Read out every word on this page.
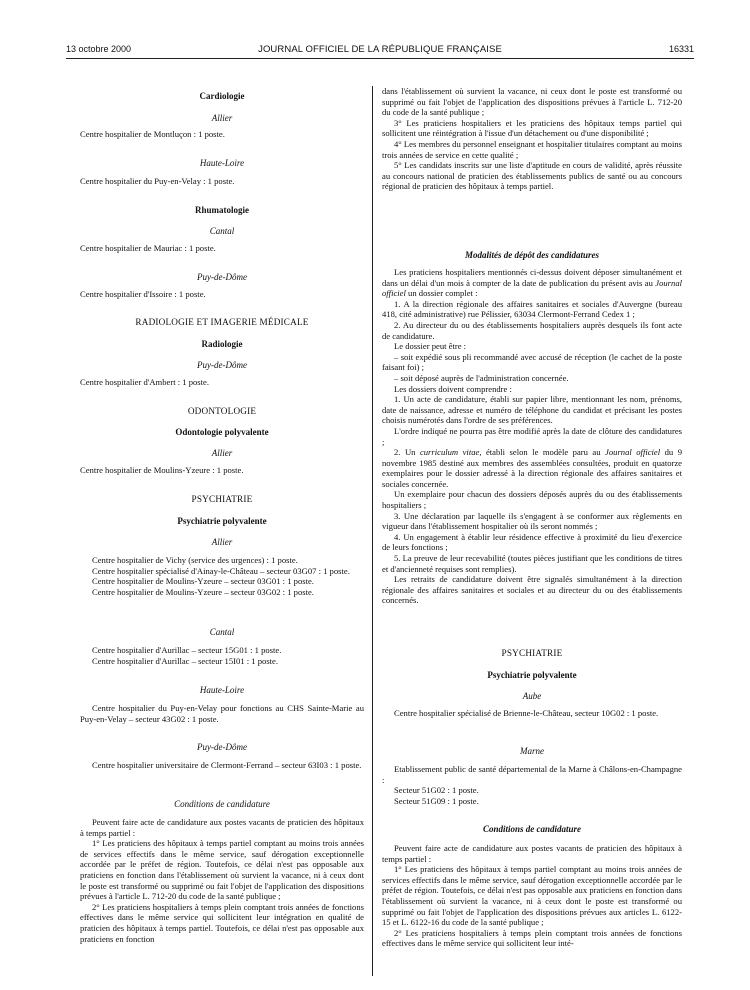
13 octobre 2000	JOURNAL OFFICIEL DE LA RÉPUBLIQUE FRANÇAISE	16331
Cardiologie
Allier
Centre hospitalier de Montluçon : 1 poste.
Haute-Loire
Centre hospitalier du Puy-en-Velay : 1 poste.
Rhumatologie
Cantal
Centre hospitalier de Mauriac : 1 poste.
Puy-de-Dôme
Centre hospitalier d'Issoire : 1 poste.
RADIOLOGIE ET IMAGERIE MÉDICALE
Radiologie
Puy-de-Dôme
Centre hospitalier d'Ambert : 1 poste.
ODONTOLOGIE
Odontologie polyvalente
Allier
Centre hospitalier de Moulins-Yzeure : 1 poste.
PSYCHIATRIE
Psychiatrie polyvalente
Allier

Centre hospitalier de Vichy (service des urgences) : 1 poste.

Centre hospitalier spécialisé d'Ainay-le-Château – secteur 03G07 : 1 poste.

Centre hospitalier de Moulins-Yzeure – secteur 03G01 : 1 poste.

Centre hospitalier de Moulins-Yzeure – secteur 03G02 : 1 poste.

Cantal

Centre hospitalier d'Aurillac – secteur 15G01 : 1 poste.

Centre hospitalier d'Aurillac – secteur 15I01 : 1 poste.

Haute-Loire

Centre hospitalier du Puy-en-Velay pour fonctions au CHS Sainte-Marie au Puy-en-Velay – secteur 43G02 : 1 poste.

Puy-de-Dôme

Centre hospitalier universitaire de Clermont-Ferrand – secteur 63I03 : 1 poste.

Conditions de candidature

Peuvent faire acte de candidature aux postes vacants de praticien des hôpitaux à temps partiel :

1° Les praticiens des hôpitaux à temps partiel comptant au moins trois années de services effectifs dans le même service, sauf dérogation exceptionnelle accordée par le préfet de région. Toutefois, ce délai n'est pas opposable aux praticiens en fonction dans l'établissement où survient la vacance, ni à ceux dont le poste est transformé ou supprimé ou fait l'objet de l'application des dispositions prévues à l'article L. 712-20 du code de la santé publique ;

2° Les praticiens hospitaliers à temps plein comptant trois années de fonctions effectives dans le même service qui sollicitent leur intégration en qualité de praticien des hôpitaux à temps partiel. Toutefois, ce délai n'est pas opposable aux praticiens en fonction

dans l'établissement où survient la vacance, ni ceux dont le poste est transformé ou supprimé ou fait l'objet de l'application des dispositions prévues à l'article L. 712-20 du code de la santé publique ;

3° Les praticiens hospitaliers et les praticiens des hôpitaux temps partiel qui sollicitent une réintégration à l'issue d'un détachement ou d'une disponibilité ;

4° Les membres du personnel enseignant et hospitalier titulaires comptant au moins trois années de service en cette qualité ;

5° Les candidats inscrits sur une liste d'aptitude en cours de validité, après réussite au concours national de praticien des établissements publics de santé ou au concours régional de praticien des hôpitaux à temps partiel.

Modalités de dépôt des candidatures

Les praticiens hospitaliers mentionnés ci-dessus doivent déposer simultanément et dans un délai d'un mois à compter de la date de publication du présent avis au Journal officiel un dossier complet :

1. A la direction régionale des affaires sanitaires et sociales d'Auvergne (bureau 418, cité administrative) rue Pélissier, 63034 Clermont-Ferrand Cedex 1 ;

2. Au directeur du ou des établissements hospitaliers auprès desquels ils font acte de candidature.

Le dossier peut être :

– soit expédié sous pli recommandé avec accusé de réception (le cachet de la poste faisant foi) ;

– soit déposé auprès de l'administration concernée.

Les dossiers doivent comprendre :

1. Un acte de candidature, établi sur papier libre, mentionnant les nom, prénoms, date de naissance, adresse et numéro de téléphone du candidat et précisant les postes choisis numérotés dans l'ordre de ses préférences.

L'ordre indiqué ne pourra pas être modifié après la date de clôture des candidatures ;

2. Un curriculum vitae, établi selon le modèle paru au Journal officiel du 9 novembre 1985 destiné aux membres des assemblées consultées, produit en quatorze exemplaires pour le dossier adressé à la direction régionale des affaires sanitaires et sociales concernée.

Un exemplaire pour chacun des dossiers déposés auprès du ou des établissements hospitaliers ;

3. Une déclaration par laquelle ils s'engagent à se conformer aux règlements en vigueur dans l'établissement hospitalier où ils seront nommés ;

4. Un engagement à établir leur résidence effective à proximité du lieu d'exercice de leurs fonctions ;

5. La preuve de leur recevabilité (toutes pièces justifiant que les conditions de titres et d'ancienneté requises sont remplies).

Les retraits de candidature doivent être signalés simultanément à la direction régionale des affaires sanitaires et sociales et au directeur du ou des établissements concernés.

PSYCHIATRIE
Psychiatrie polyvalente
Aube

Centre hospitalier spécialisé de Brienne-le-Château, secteur 10G02 : 1 poste.

Marne

Etablissement public de santé départemental de la Marne à Châlons-en-Champagne :

Secteur 51G02 : 1 poste.

Secteur 51G09 : 1 poste.

Conditions de candidature

Peuvent faire acte de candidature aux postes vacants de praticien des hôpitaux à temps partiel :

1° Les praticiens des hôpitaux à temps partiel comptant au moins trois années de services effectifs dans le même service, sauf dérogation exceptionnelle accordée par le préfet de région. Toutefois, ce délai n'est pas opposable aux praticiens en fonction dans l'établissement où survient la vacance, ni à ceux dont le poste est transformé ou supprimé ou fait l'objet de l'application des dispositions prévues aux articles L. 6122-15 et L. 6122-16 du code de la santé publique ;

2° Les praticiens hospitaliers à temps plein comptant trois années de fonctions effectives dans le même service qui sollicitent leur inté-
